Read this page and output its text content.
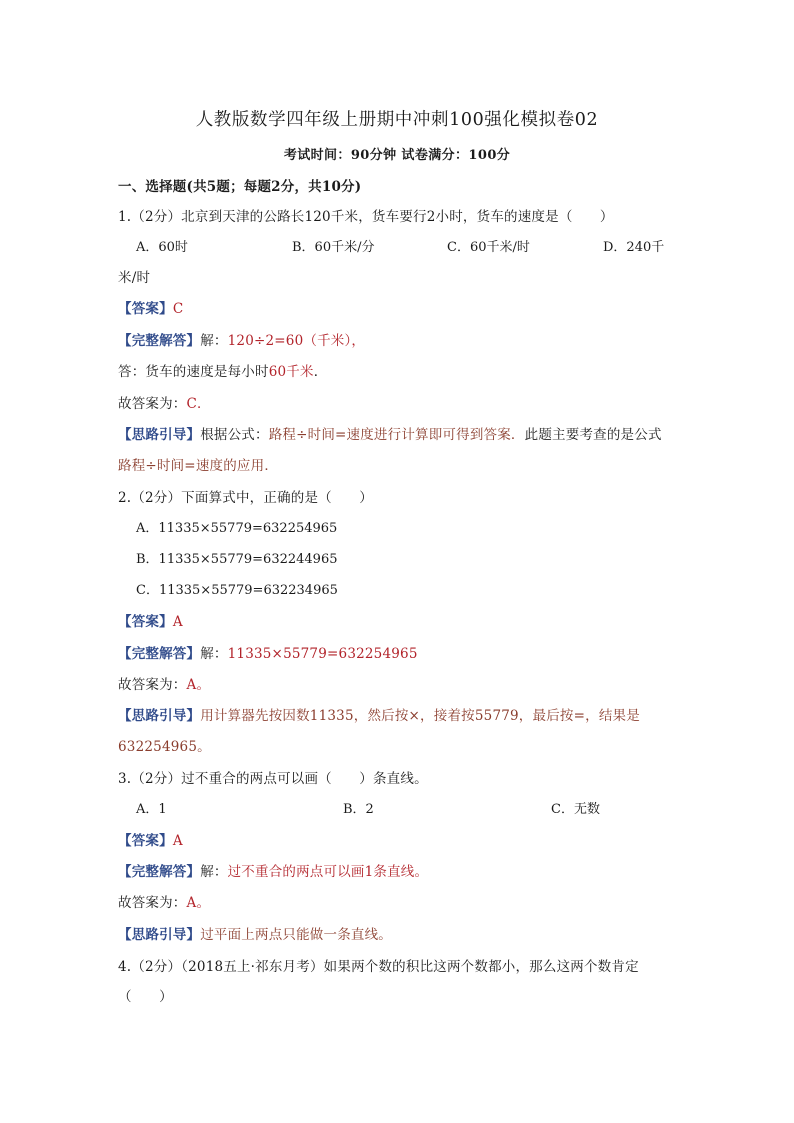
人教版数学四年级上册期中冲刺100强化模拟卷02
考试时间：90分钟 试卷满分：100分
一、选择题(共5题；每题2分，共10分)
1.（2分）北京到天津的公路长120千米，货车要行2小时，货车的速度是（　　）
A．60时	B．60千米/分	C．60千米/时	D．240千
米/时
【答案】C
【完整解答】解：120÷2=60（千米），
答：货车的速度是每小时60千米．
故答案为：C．
【思路引导】根据公式：路程÷时间=速度进行计算即可得到答案．此题主要考查的是公式
路程÷时间=速度的应用．
2.（2分）下面算式中，正确的是（　　）
A．11335×55779=632254965
B．11335×55779=632244965
C．11335×55779=632234965
【答案】A
【完整解答】解：11335×55779=632254965
故答案为：A。
【思路引导】用计算器先按因数11335，然后按×，接着按55779，最后按=，结果是
632254965。
3.（2分）过不重合的两点可以画（　　）条直线。
A．1	B．2	C．无数
【答案】A
【完整解答】解：过不重合的两点可以画1条直线。
故答案为：A。
【思路引导】过平面上两点只能做一条直线。
4.（2分）（2018五上·祁东月考）如果两个数的积比这两个数都小，那么这两个数肯定
（　　）
